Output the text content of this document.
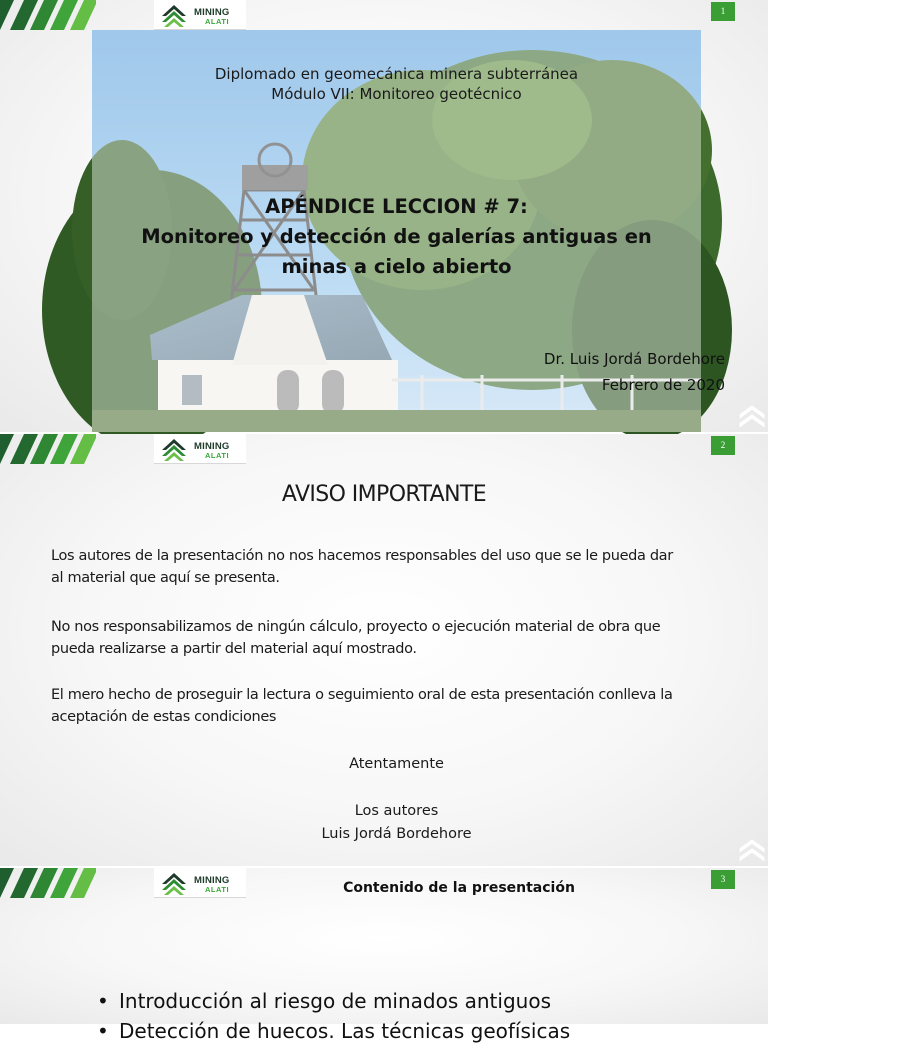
MINING
ALATI
1
Diplomado en geomecánica minera subterránea
Módulo VII: Monitoreo geotécnico
APÉNDICE LECCION # 7:
Monitoreo y detección de galerías antiguas en
minas a cielo abierto
Dr. Luis Jordá Bordehore
Febrero de 2020
MINING
ALATI
2
AVISO IMPORTANTE
Los autores de la presentación no nos hacemos responsables del uso que se le pueda dar
al material que aquí se presenta.
No nos responsabilizamos de ningún cálculo, proyecto o ejecución material de obra que
pueda realizarse a partir del material aquí mostrado.
El mero hecho de proseguir la lectura o seguimiento oral de esta presentación conlleva la
aceptación de estas condiciones
Atentamente
Los autores
Luis Jordá Bordehore
MINING
ALATI
3
Contenido de la presentación
• Introducción al riesgo de minados antiguos
• Detección de huecos. Las técnicas geofísicas
